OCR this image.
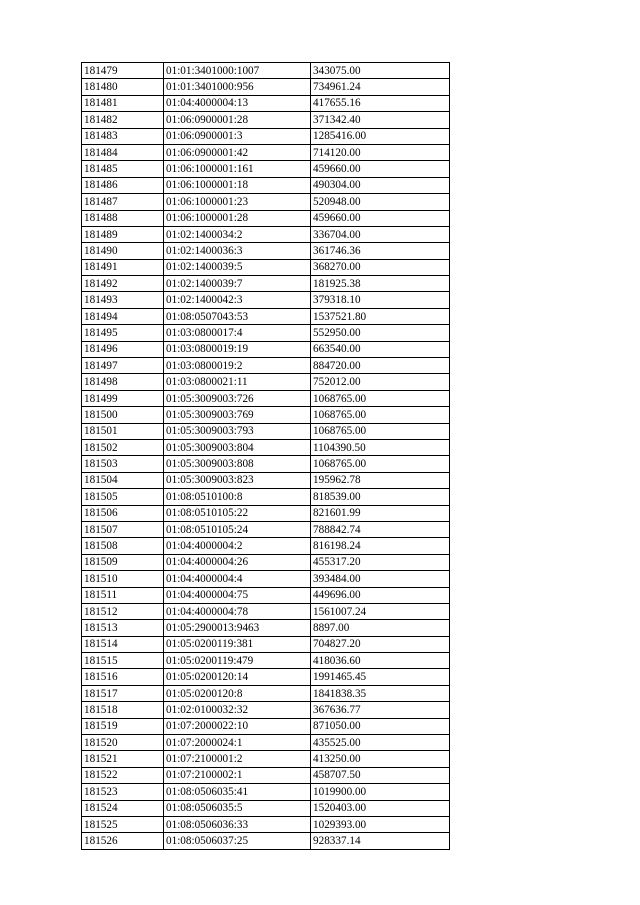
181479	01:01:3401000:1007	343075.00
181480	01:01:3401000:956	734961.24
181481	01:04:4000004:13	417655.16
181482	01:06:0900001:28	371342.40
181483	01:06:0900001:3	1285416.00
181484	01:06:0900001:42	714120.00
181485	01:06:1000001:161	459660.00
181486	01:06:1000001:18	490304.00
181487	01:06:1000001:23	520948.00
181488	01:06:1000001:28	459660.00
181489	01:02:1400034:2	336704.00
181490	01:02:1400036:3	361746.36
181491	01:02:1400039:5	368270.00
181492	01:02:1400039:7	181925.38
181493	01:02:1400042:3	379318.10
181494	01:08:0507043:53	1537521.80
181495	01:03:0800017:4	552950.00
181496	01:03:0800019:19	663540.00
181497	01:03:0800019:2	884720.00
181498	01:03:0800021:11	752012.00
181499	01:05:3009003:726	1068765.00
181500	01:05:3009003:769	1068765.00
181501	01:05:3009003:793	1068765.00
181502	01:05:3009003:804	1104390.50
181503	01:05:3009003:808	1068765.00
181504	01:05:3009003:823	195962.78
181505	01:08:0510100:8	818539.00
181506	01:08:0510105:22	821601.99
181507	01:08:0510105:24	788842.74
181508	01:04:4000004:2	816198.24
181509	01:04:4000004:26	455317.20
181510	01:04:4000004:4	393484.00
181511	01:04:4000004:75	449696.00
181512	01:04:4000004:78	1561007.24
181513	01:05:2900013:9463	8897.00
181514	01:05:0200119:381	704827.20
181515	01:05:0200119:479	418036.60
181516	01:05:0200120:14	1991465.45
181517	01:05:0200120:8	1841838.35
181518	01:02:0100032:32	367636.77
181519	01:07:2000022:10	871050.00
181520	01:07:2000024:1	435525.00
181521	01:07:2100001:2	413250.00
181522	01:07:2100002:1	458707.50
181523	01:08:0506035:41	1019900.00
181524	01:08:0506035:5	1520403.00
181525	01:08:0506036:33	1029393.00
181526	01:08:0506037:25	928337.14
